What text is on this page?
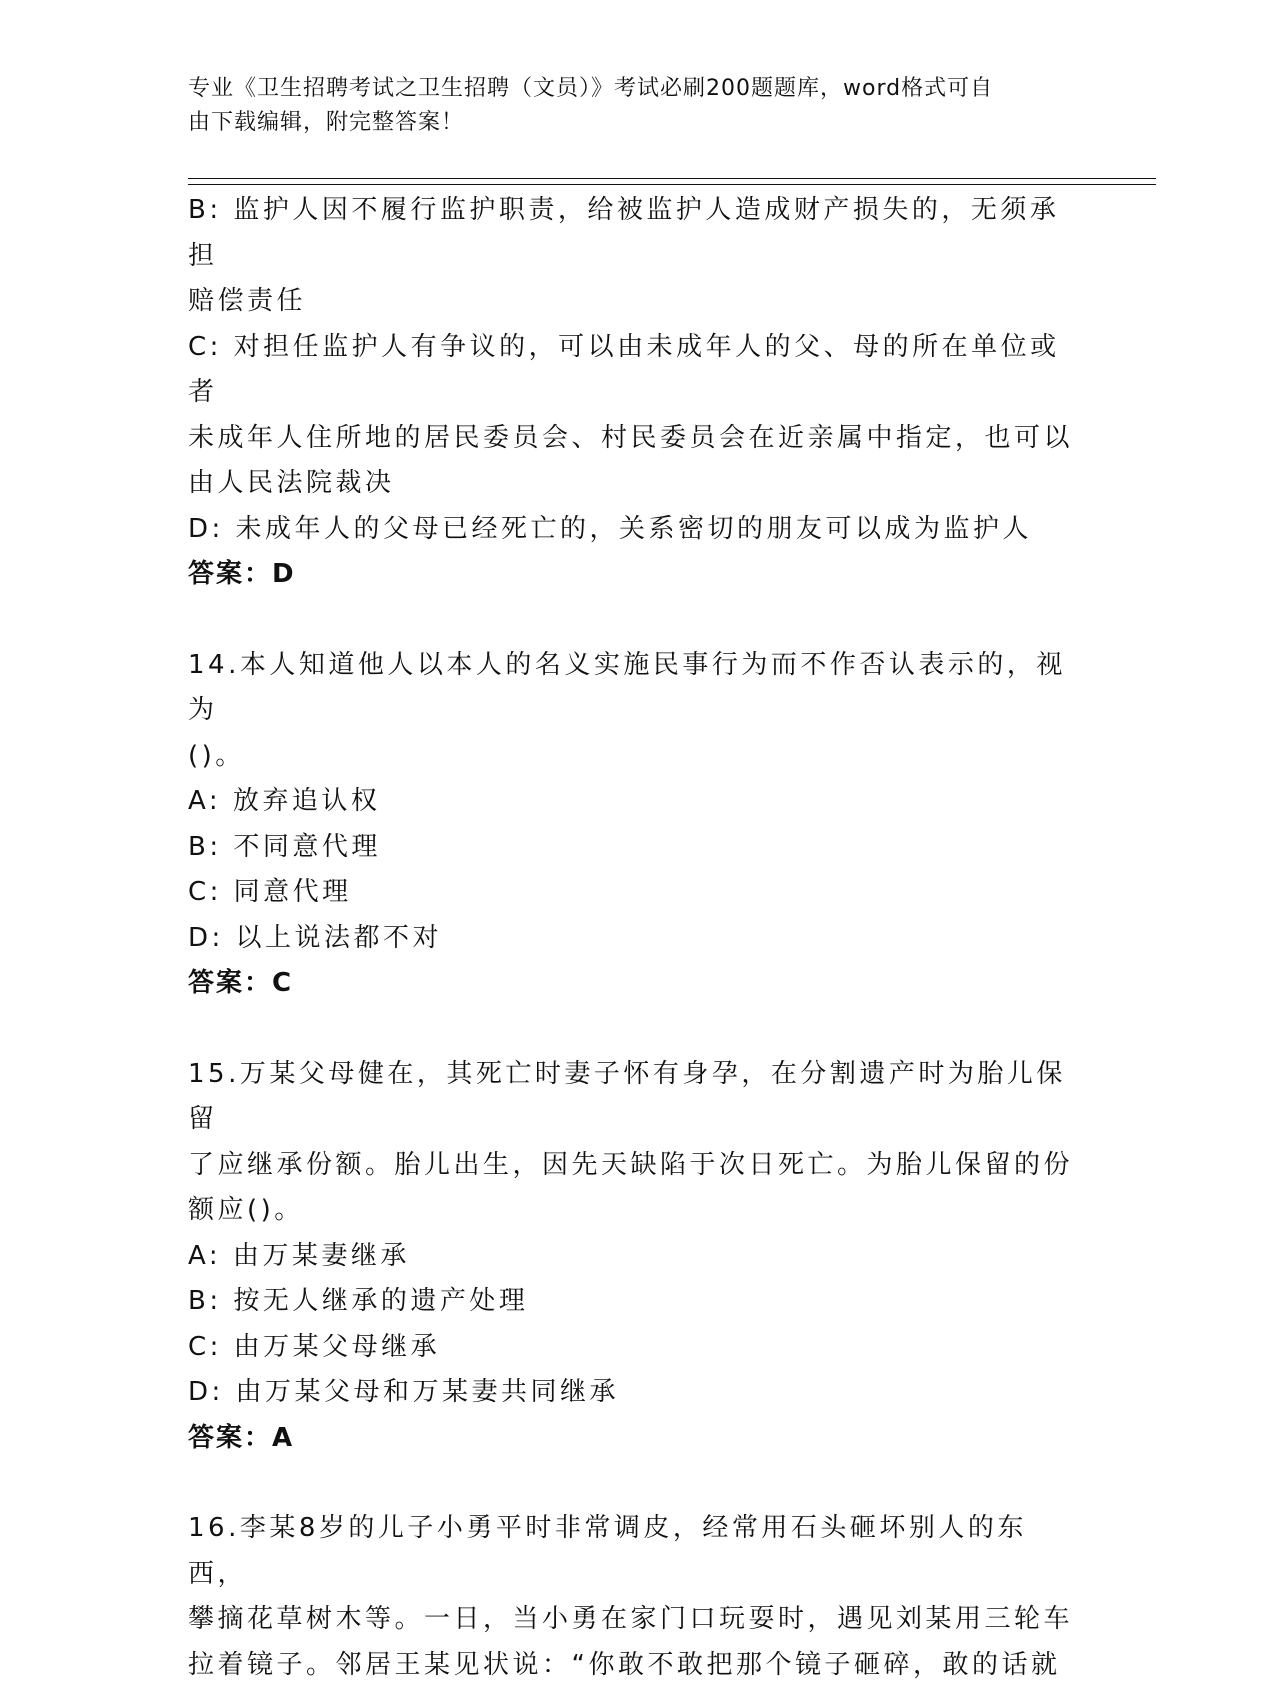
专业《卫生招聘考试之卫生招聘（文员）》考试必刷200题题库，word格式可自
由下载编辑，附完整答案！
B: 监护人因不履行监护职责，给被监护人造成财产损失的，无须承担
赔偿责任
C: 对担任监护人有争议的，可以由未成年人的父、母的所在单位或者
未成年人住所地的居民委员会、村民委员会在近亲属中指定，也可以
由人民法院裁决
D: 未成年人的父母已经死亡的，关系密切的朋友可以成为监护人
答案：D
14.本人知道他人以本人的名义实施民事行为而不作否认表示的，视为
()。
A: 放弃追认权
B: 不同意代理
C: 同意代理
D: 以上说法都不对
答案：C
15.万某父母健在，其死亡时妻子怀有身孕，在分割遗产时为胎儿保留
了应继承份额。胎儿出生，因先天缺陷于次日死亡。为胎儿保留的份
额应()。
A: 由万某妻继承
B: 按无人继承的遗产处理
C: 由万某父母继承
D: 由万某父母和万某妻共同继承
答案：A
16.李某8岁的儿子小勇平时非常调皮，经常用石头砸坏别人的东西，
攀摘花草树木等。一日，当小勇在家门口玩耍时，遇见刘某用三轮车
拉着镜子。邻居王某见状说：“你敢不敢把那个镜子砸碎，敢的话就
